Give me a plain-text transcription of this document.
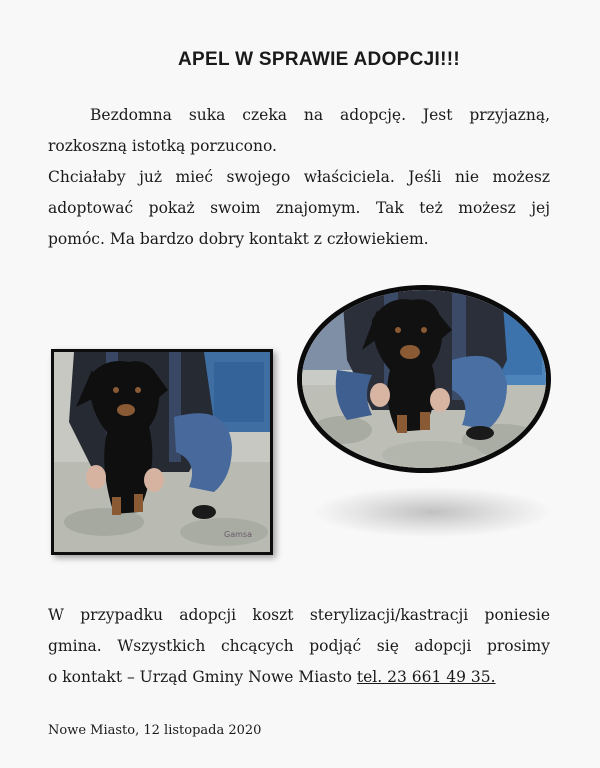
APEL W SPRAWIE ADOPCJI!!!
Bezdomna suka czeka na adopcję. Jest przyjazną,
rozkoszną istotką porzucono.
Chciałaby już mieć swojego właściciela. Jeśli nie możesz
adoptować pokaż swoim znajomym. Tak też możesz jej
pomóc. Ma bardzo dobry kontakt z człowiekiem.
Gamsa
W przypadku adopcji koszt sterylizacji/kastracji poniesie
gmina. Wszystkich chcących podjąć się adopcji prosimy
o kontakt – Urząd Gminy Nowe Miasto tel. 23 661 49 35.
Nowe Miasto, 12 listopada 2020
